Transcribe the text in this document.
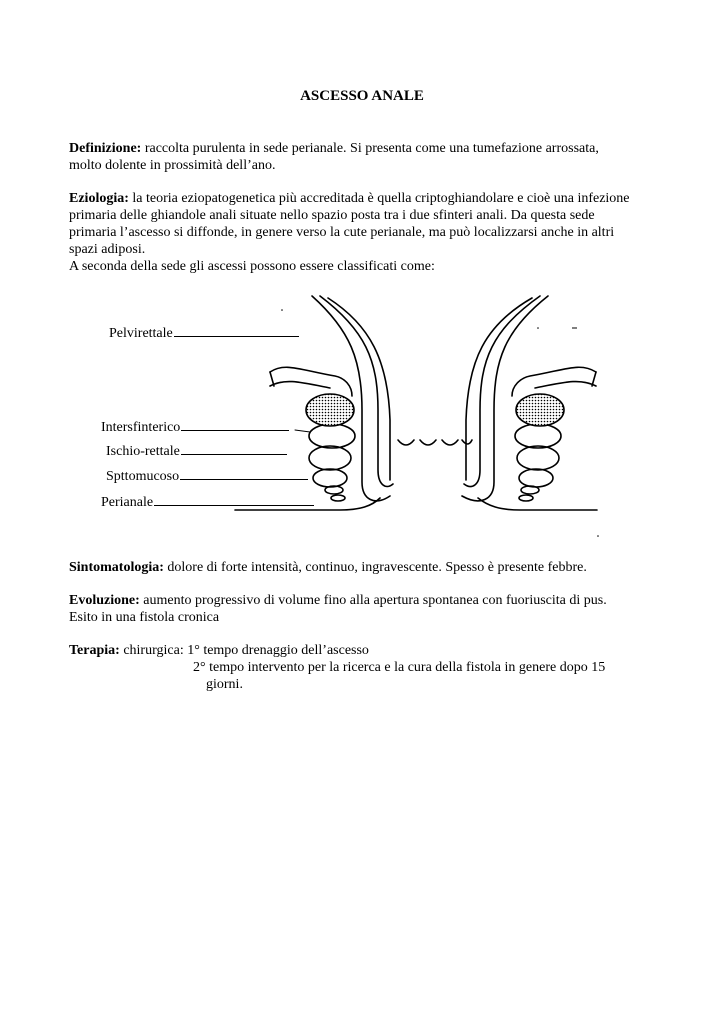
ASCESSO ANALE
Definizione: raccolta purulenta in sede perianale. Si presenta come una tumefazione arrossata,
molto dolente in prossimità dell’ano.
Eziologia: la teoria eziopatogenetica più accreditada è quella criptoghiandolare e cioè una infezione
primaria delle ghiandole anali situate nello spazio posta tra i due sfinteri anali. Da questa sede
primaria l’ascesso si diffonde, in genere verso la cute perianale, ma può localizzarsi anche in altri
spazi adiposi.
A seconda della sede gli ascessi possono essere classificati come:
Pelvirettale
Intersfinterico
Ischio-rettale
Spttomucoso
Perianale
Sintomatologia: dolore di forte intensità, continuo, ingravescente. Spesso è presente febbre.
Evoluzione: aumento progressivo di volume fino alla apertura spontanea con fuoriuscita di pus.
Esito in una fistola cronica
Terapia: chirurgica: 1° tempo drenaggio dell’ascesso
2° tempo intervento per la ricerca e la cura della fistola in genere dopo 15
giorni.
